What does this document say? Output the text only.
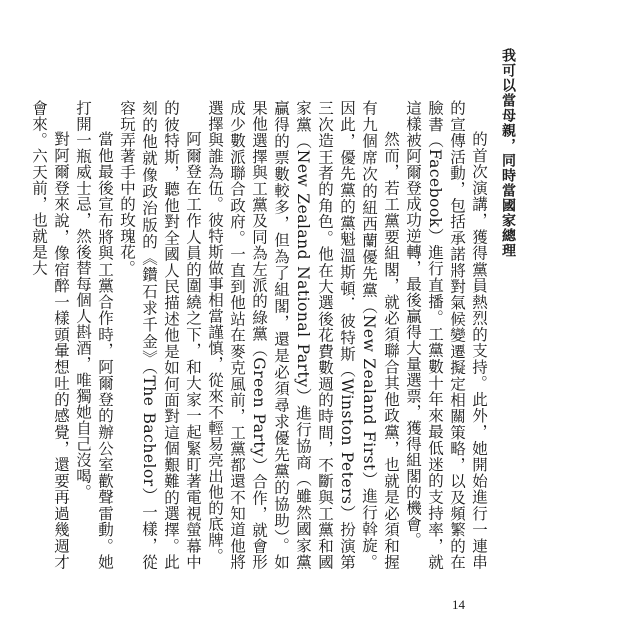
我可以當母親，同時當國家總理

的首次演講，獲得黨員熱烈的支持。此外，她開始進行一連串的宣傳活動，包括承諾將對氣候變遷擬定相關策略，以及頻繁的在臉書（Facebook）進行直播。工黨數十年來最低迷的支持率，就這樣被阿爾登成功逆轉，最後贏得大量選票，獲得組閣的機會。

然而，若工黨要組閣，就必須聯合其他政黨，也就是必須和握有九個席次的紐西蘭優先黨（New Zealand First）進行斡旋。因此，優先黨的黨魁溫斯頓．彼特斯（Winston Peters）扮演第三次造王者的角色。他在大選後花費數週的時間，不斷與工黨和國家黨（New Zealand National Party）進行協商（雖然國家黨贏得的票數較多，但為了組閣，還是必須尋求優先黨的協助）。如果他選擇與工黨及同為左派的綠黨（Green Party）合作，就會形成少數派聯合政府。一直到他站在麥克風前，工黨都還不知道他將選擇與誰為伍。彼特斯做事相當謹慎，從來不輕易亮出他的底牌。

阿爾登在工作人員的圍繞之下，和大家一起緊盯著電視螢幕中的彼特斯，聽他對全國人民描述他是如何面對這個艱難的選擇。此刻的他就像政治版的《鑽石求千金》（The Bachelor）一樣，從容玩弄著手中的玫瑰花。

當他最後宣布將與工黨合作時，阿爾登的辦公室歡聲雷動。她打開一瓶威士忌，然後替每個人斟酒，唯獨她自己沒喝。

對阿爾登來說，像宿醉一樣頭暈想吐的感覺，還要再過幾週才會來。六天前，也就是大

14
